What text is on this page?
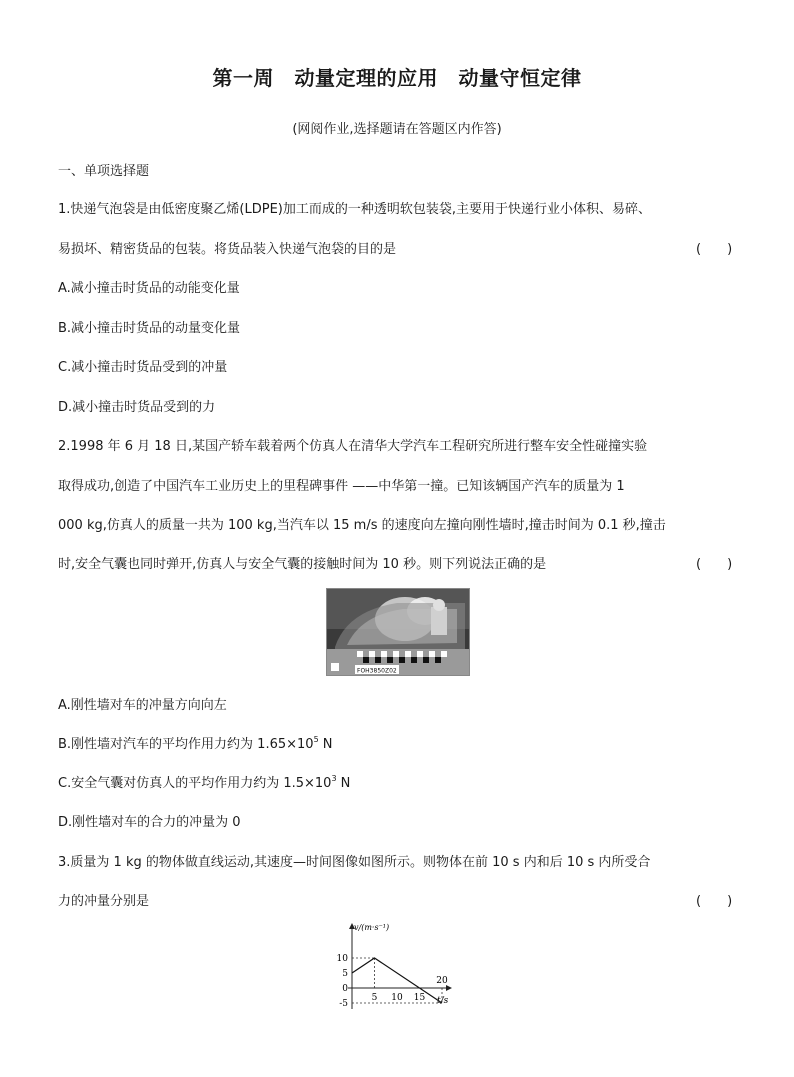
第一周　动量定理的应用　动量守恒定律
(网阅作业,选择题请在答题区内作答)
一、单项选择题
1.快递气泡袋是由低密度聚乙烯(LDPE)加工而成的一种透明软包装袋,主要用于快递行业小体积、易碎、
易损坏、精密货品的包装。将货品装入快递气泡袋的目的是	(　　)
A.减小撞击时货品的动能变化量
B.减小撞击时货品的动量变化量
C.减小撞击时货品受到的冲量
D.减小撞击时货品受到的力
2.1998 年 6 月 18 日,某国产轿车载着两个仿真人在清华大学汽车工程研究所进行整车安全性碰撞实验
取得成功,创造了中国汽车工业历史上的里程碑事件 ——中华第一撞。已知该辆国产汽车的质量为 1
000 kg,仿真人的质量一共为 100 kg,当汽车以 15 m/s 的速度向左撞向刚性墙时,撞击时间为 0.1 秒,撞击
时,安全气囊也同时弹开,仿真人与安全气囊的接触时间为 10 秒。则下列说法正确的是	(　　)
FOH3850Z02
A.刚性墙对车的冲量方向向左
B.刚性墙对汽车的平均作用力约为 $1.65\times 10^5$ N
C.安全气囊对仿真人的平均作用力约为 $1.5\times 10^3$ N
D.刚性墙对车的合力的冲量为 0
3.质量为 1 kg 的物体做直线运动,其速度—时间图像如图所示。则物体在前 10 s 内和后 10 s 内所受合
力的冲量分别是	(　　)
v/(m·s⁻¹)
t/s
10
5
0
-5
5 10 15
20
